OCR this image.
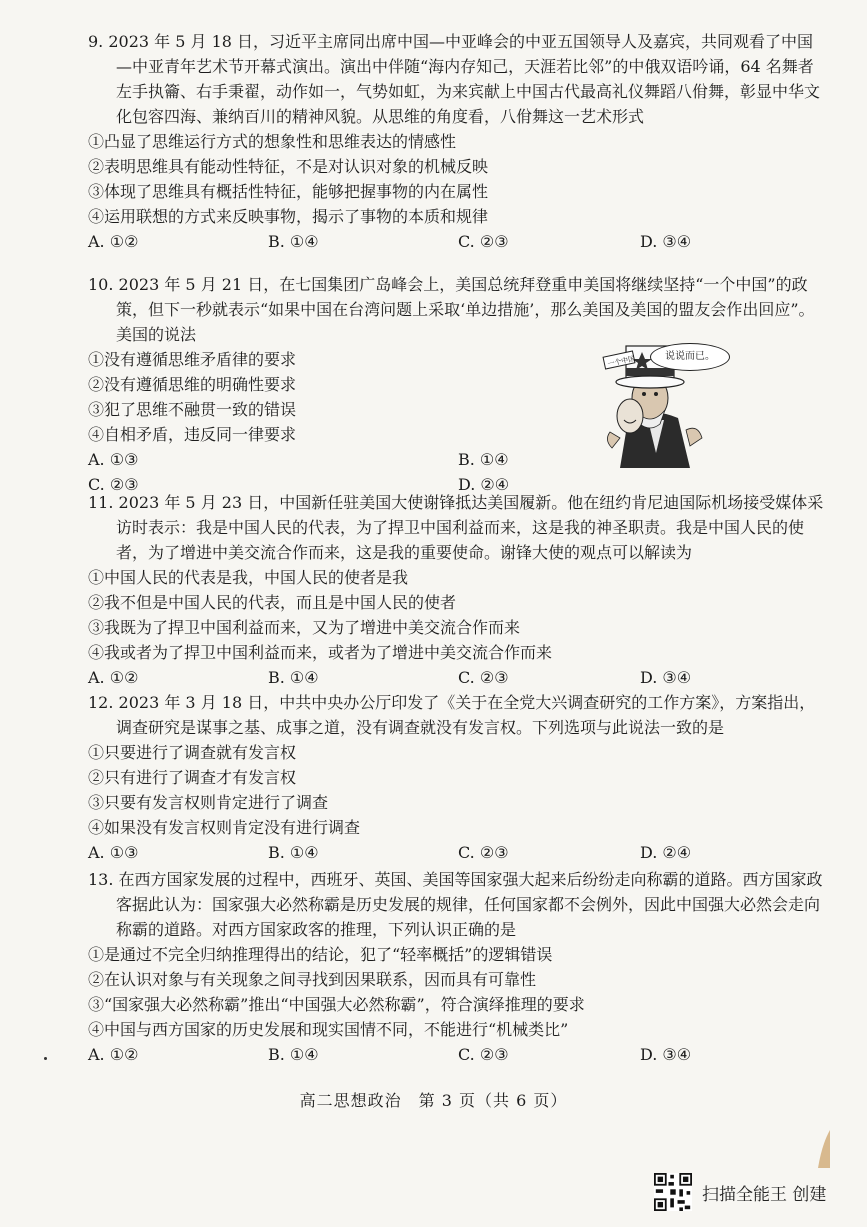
9. 2023 年 5 月 18 日，习近平主席同出席中国—中亚峰会的中亚五国领导人及嘉宾，共同观看了中国—中亚青年艺术节开幕式演出。演出中伴随“海内存知己，天涯若比邻”的中俄双语吟诵，64 名舞者左手执籥、右手秉翟，动作如一，气势如虹，为来宾献上中国古代最高礼仪舞蹈八佾舞，彰显中华文化包容四海、兼纳百川的精神风貌。从思维的角度看，八佾舞这一艺术形式

①凸显了思维运行方式的想象性和思维表达的情感性

②表明思维具有能动性特征，不是对认识对象的机械反映

③体现了思维具有概括性特征，能够把握事物的内在属性

④运用联想的方式来反映事物，揭示了事物的本质和规律

A. ①②	B. ①④	C. ②③	D. ③④

10. 2023 年 5 月 21 日，在七国集团广岛峰会上，美国总统拜登重申美国将继续坚持“一个中国”的政策，但下一秒就表示“如果中国在台湾问题上采取‘单边措施’，那么美国及美国的盟友会作出回应”。美国的说法

①没有遵循思维矛盾律的要求

②没有遵循思维的明确性要求

③犯了思维不融贯一致的错误

④自相矛盾，违反同一律要求

A. ①③	B. ①④
C. ②③	D. ②④
一个中国	说说而已。

11. 2023 年 5 月 23 日，中国新任驻美国大使谢锋抵达美国履新。他在纽约肯尼迪国际机场接受媒体采访时表示：我是中国人民的代表，为了捍卫中国利益而来，这是我的神圣职责。我是中国人民的使者，为了增进中美交流合作而来，这是我的重要使命。谢锋大使的观点可以解读为

①中国人民的代表是我，中国人民的使者是我

②我不但是中国人民的代表，而且是中国人民的使者

③我既为了捍卫中国利益而来，又为了增进中美交流合作而来

④我或者为了捍卫中国利益而来，或者为了增进中美交流合作而来

A. ①②	B. ①④	C. ②③	D. ③④

12. 2023 年 3 月 18 日，中共中央办公厅印发了《关于在全党大兴调查研究的工作方案》，方案指出，调查研究是谋事之基、成事之道，没有调查就没有发言权。下列选项与此说法一致的是

①只要进行了调查就有发言权

②只有进行了调查才有发言权

③只要有发言权则肯定进行了调查

④如果没有发言权则肯定没有进行调查

A. ①③	B. ①④	C. ②③	D. ②④

13. 在西方国家发展的过程中，西班牙、英国、美国等国家强大起来后纷纷走向称霸的道路。西方国家政客据此认为：国家强大必然称霸是历史发展的规律，任何国家都不会例外，因此中国强大必然会走向称霸的道路。对西方国家政客的推理，下列认识正确的是

①是通过不完全归纳推理得出的结论，犯了“轻率概括”的逻辑错误

②在认识对象与有关现象之间寻找到因果联系，因而具有可靠性

③“国家强大必然称霸”推出“中国强大必然称霸”，符合演绎推理的要求

④中国与西方国家的历史发展和现实国情不同，不能进行“机械类比”

A. ①②	B. ①④	C. ②③	D. ③④
高二思想政治　第 3 页（共 6 页）
扫描全能王 创建
